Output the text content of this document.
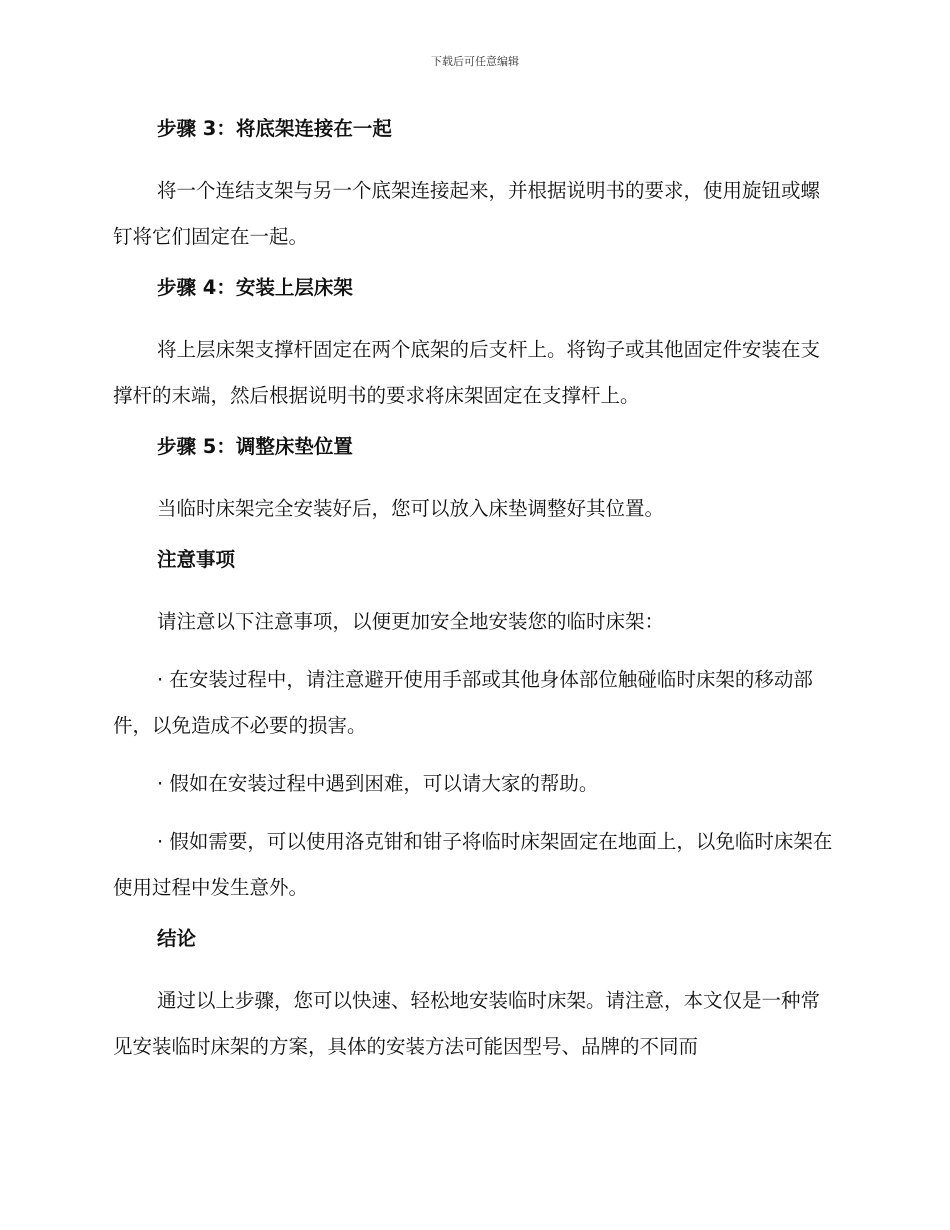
下载后可任意编辑
步骤 3：将底架连接在一起

将一个连结支架与另一个底架连接起来，并根据说明书的要求，使用旋钮或螺钉将它们固定在一起。

步骤 4：安装上层床架

将上层床架支撑杆固定在两个底架的后支杆上。将钩子或其他固定件安装在支撑杆的末端，然后根据说明书的要求将床架固定在支撑杆上。

步骤 5：调整床垫位置

当临时床架完全安装好后，您可以放入床垫调整好其位置。

注意事项

请注意以下注意事项，以便更加安全地安装您的临时床架：

· 在安装过程中，请注意避开使用手部或其他身体部位触碰临时床架的移动部件，以免造成不必要的损害。

· 假如在安装过程中遇到困难，可以请大家的帮助。

· 假如需要，可以使用洛克钳和钳子将临时床架固定在地面上，以免临时床架在使用过程中发生意外。

结论

通过以上步骤，您可以快速、轻松地安装临时床架。请注意，本文仅是一种常见安装临时床架的方案，具体的安装方法可能因型号、品牌的不同而
